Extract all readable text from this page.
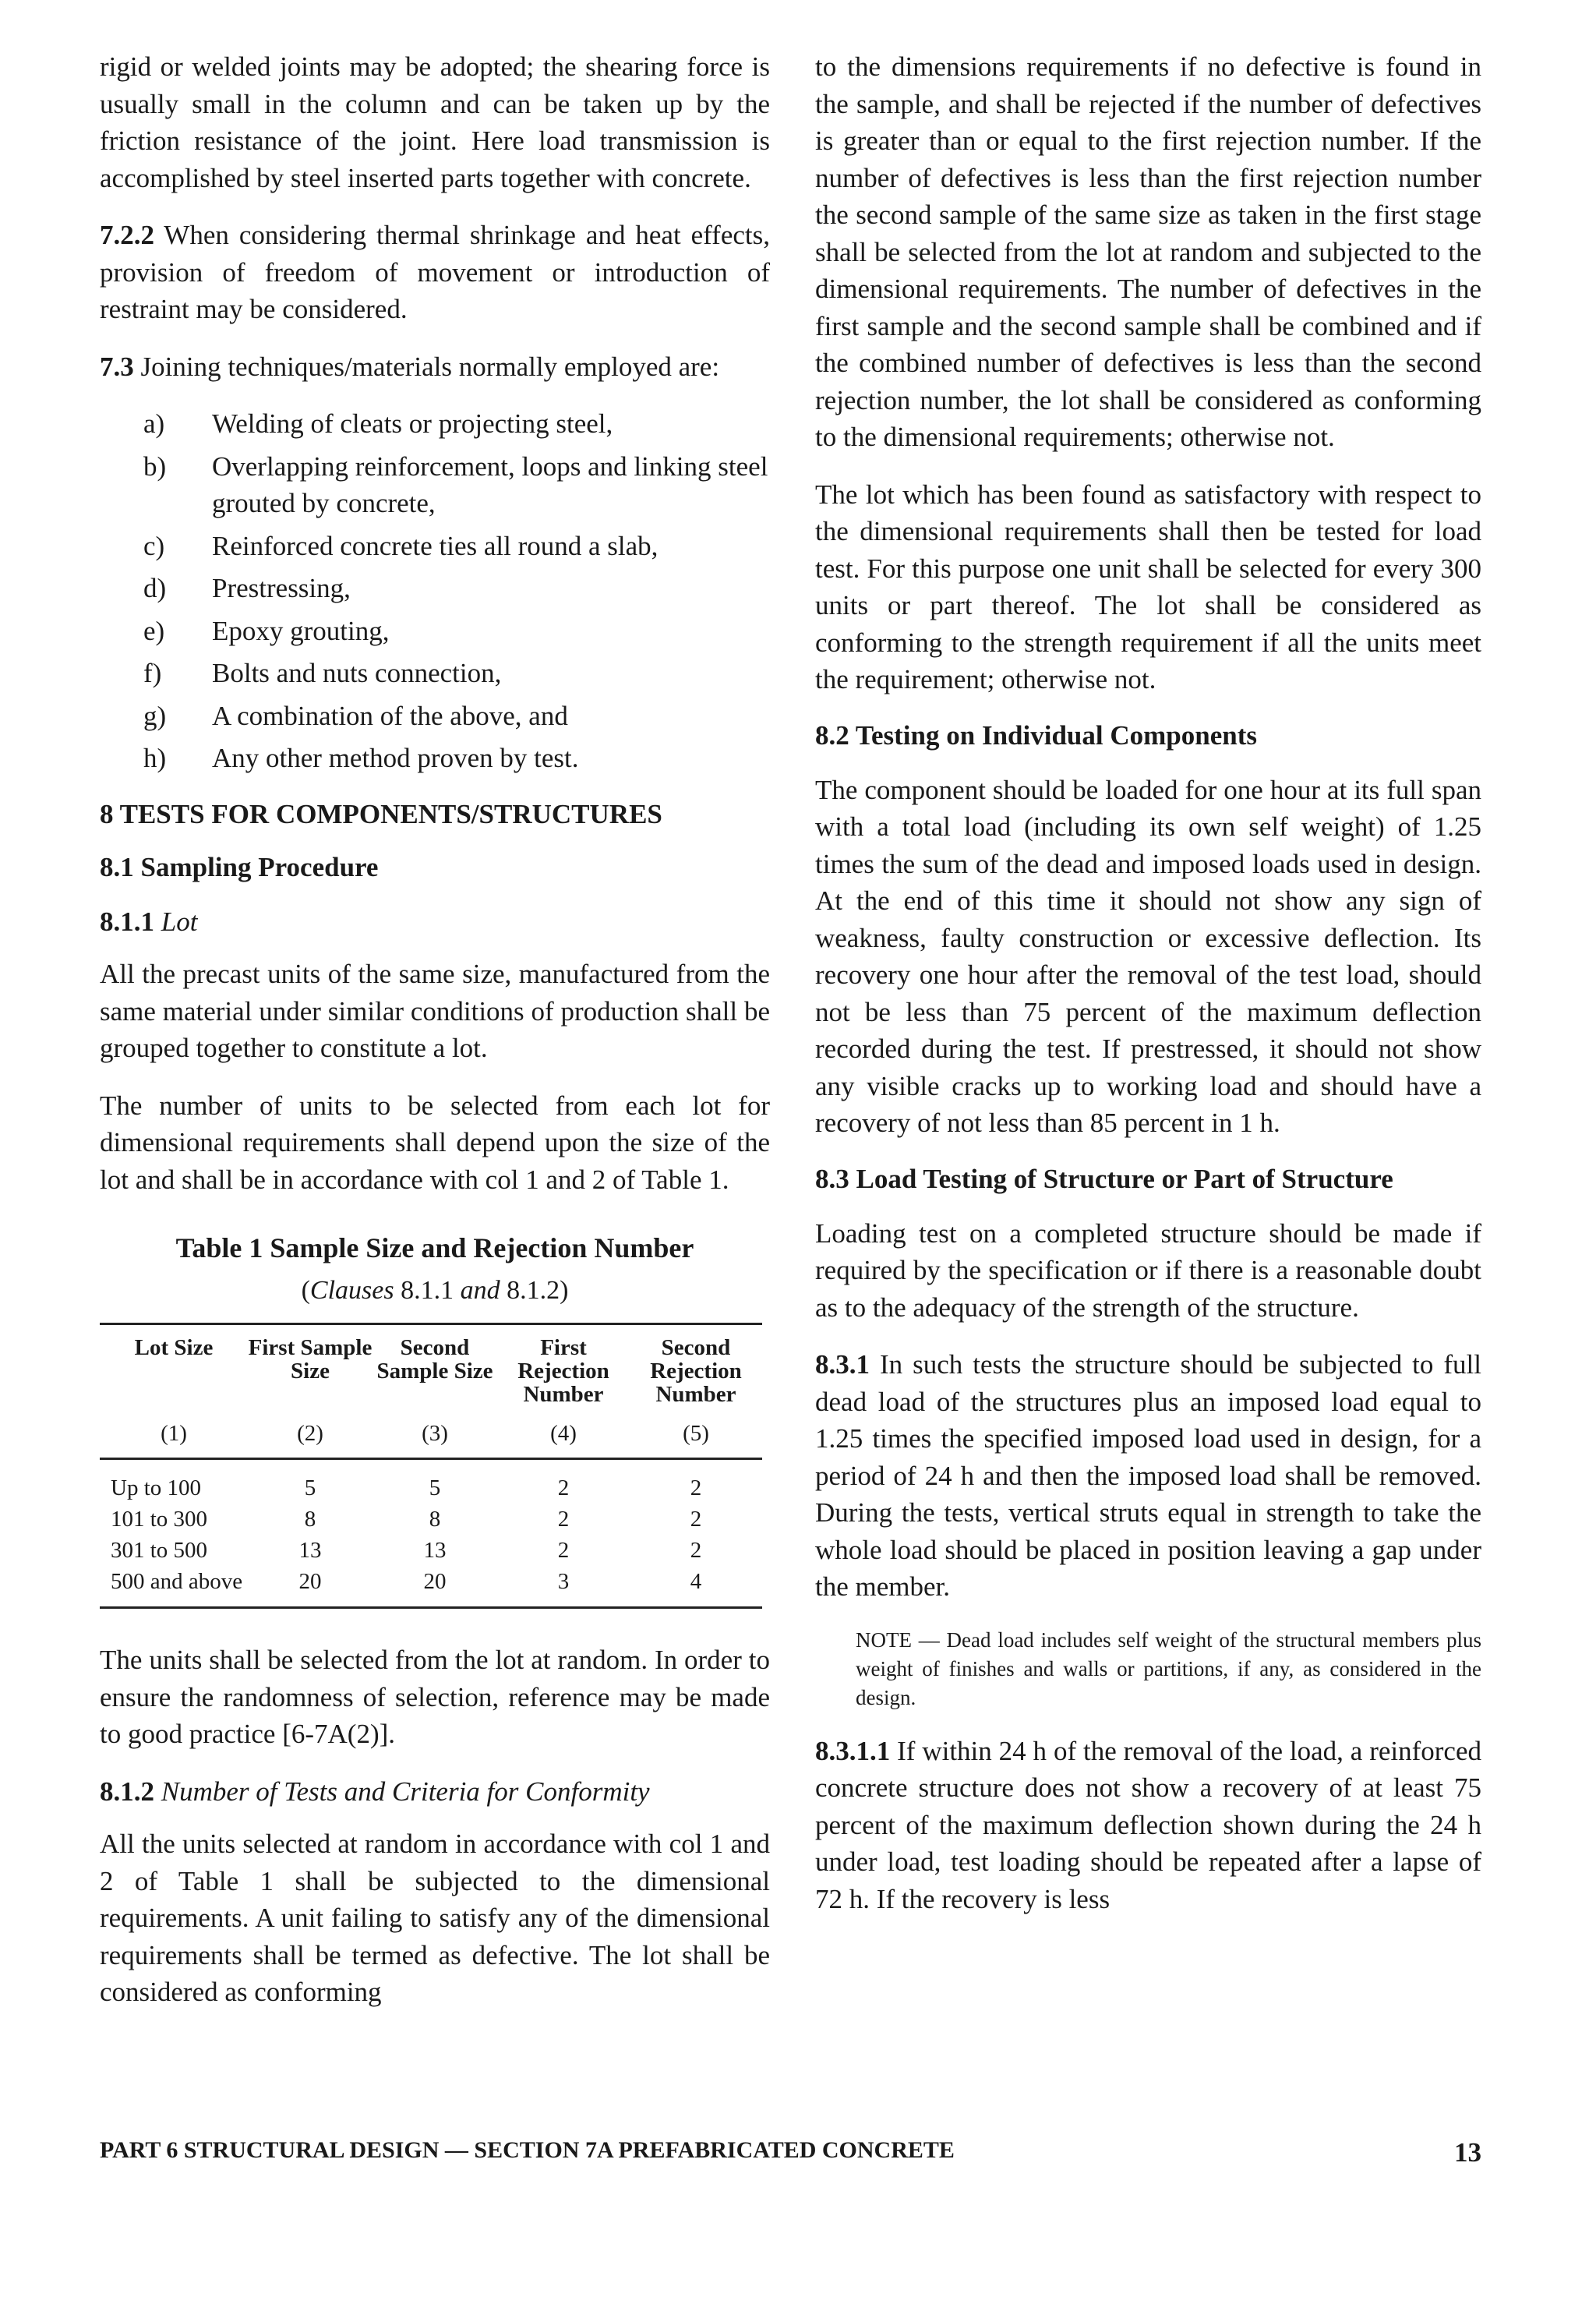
rigid or welded joints may be adopted; the shearing force is usually small in the column and can be taken up by the friction resistance of the joint. Here load transmission is accomplished by steel inserted parts together with concrete.

7.2.2 When considering thermal shrinkage and heat effects, provision of freedom of movement or introduction of restraint may be considered.

7.3 Joining techniques/materials normally employed are:

a)	Welding of cleats or projecting steel,
b)	Overlapping reinforcement, loops and linking steel grouted by concrete,
c)	Reinforced concrete ties all round a slab,
d)	Prestressing,
e)	Epoxy grouting,
f)	Bolts and nuts connection,
g)	A combination of the above, and
h)	Any other method proven by test.
8 TESTS FOR COMPONENTS/STRUCTURES
8.1 Sampling Procedure

8.1.1 Lot

All the precast units of the same size, manufactured from the same material under similar conditions of production shall be grouped together to constitute a lot.

The number of units to be selected from each lot for dimensional requirements shall depend upon the size of the lot and shall be in accordance with col 1 and 2 of Table 1.

Table 1 Sample Size and Rejection Number
(Clauses 8.1.1 and 8.1.2)
Lot Size	First Sample Size	Second Sample Size	First Rejection Number	Second Rejection Number
(1)	(2)	(3)	(4)	(5)
Up to 100	5	5	2	2
101 to 300	8	8	2	2
301 to 500	13	13	2	2
500 and above	20	20	3	4

The units shall be selected from the lot at random. In order to ensure the randomness of selection, reference may be made to good practice [6-7A(2)].

8.1.2 Number of Tests and Criteria for Conformity

All the units selected at random in accordance with col 1 and 2 of Table 1 shall be subjected to the dimensional requirements. A unit failing to satisfy any of the dimensional requirements shall be termed as defective. The lot shall be considered as conforming

to the dimensions requirements if no defective is found in the sample, and shall be rejected if the number of defectives is greater than or equal to the first rejection number. If the number of defectives is less than the first rejection number the second sample of the same size as taken in the first stage shall be selected from the lot at random and subjected to the dimensional requirements. The number of defectives in the first sample and the second sample shall be combined and if the combined number of defectives is less than the second rejection number, the lot shall be considered as conforming to the dimensional requirements; otherwise not.

The lot which has been found as satisfactory with respect to the dimensional requirements shall then be tested for load test. For this purpose one unit shall be selected for every 300 units or part thereof. The lot shall be considered as conforming to the strength requirement if all the units meet the requirement; otherwise not.

8.2 Testing on Individual Components

The component should be loaded for one hour at its full span with a total load (including its own self weight) of 1.25 times the sum of the dead and imposed loads used in design. At the end of this time it should not show any sign of weakness, faulty construction or excessive deflection. Its recovery one hour after the removal of the test load, should not be less than 75 percent of the maximum deflection recorded during the test. If prestressed, it should not show any visible cracks up to working load and should have a recovery of not less than 85 percent in 1 h.

8.3 Load Testing of Structure or Part of Structure

Loading test on a completed structure should be made if required by the specification or if there is a reasonable doubt as to the adequacy of the strength of the structure.

8.3.1 In such tests the structure should be subjected to full dead load of the structures plus an imposed load equal to 1.25 times the specified imposed load used in design, for a period of 24 h and then the imposed load shall be removed. During the tests, vertical struts equal in strength to take the whole load should be placed in position leaving a gap under the member.

NOTE — Dead load includes self weight of the structural members plus weight of finishes and walls or partitions, if any, as considered in the design.

8.3.1.1 If within 24 h of the removal of the load, a reinforced concrete structure does not show a recovery of at least 75 percent of the maximum deflection shown during the 24 h under load, test loading should be repeated after a lapse of 72 h. If the recovery is less

PART 6 STRUCTURAL DESIGN — SECTION 7A PREFABRICATED CONCRETE	13
